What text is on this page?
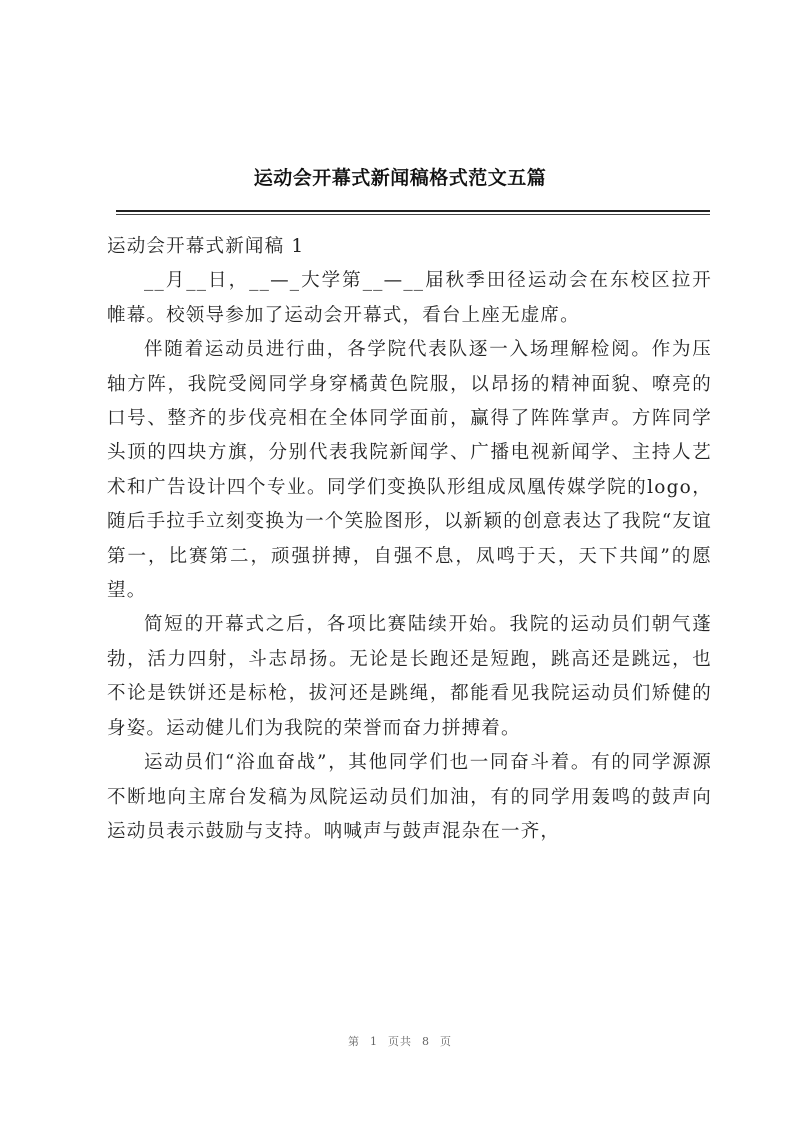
运动会开幕式新闻稿格式范文五篇

运动会开幕式新闻稿 1

__月__日，__—_大学第__—__届秋季田径运动会在东校区拉开帷幕。校领导参加了运动会开幕式，看台上座无虚席。

伴随着运动员进行曲，各学院代表队逐一入场理解检阅。作为压轴方阵，我院受阅同学身穿橘黄色院服，以昂扬的精神面貌、嘹亮的口号、整齐的步伐亮相在全体同学面前，赢得了阵阵掌声。方阵同学头顶的四块方旗，分别代表我院新闻学、广播电视新闻学、主持人艺术和广告设计四个专业。同学们变换队形组成凤凰传媒学院的logo，随后手拉手立刻变换为一个笑脸图形，以新颖的创意表达了我院“友谊第一，比赛第二，顽强拼搏，自强不息，凤鸣于天，天下共闻”的愿望。

简短的开幕式之后，各项比赛陆续开始。我院的运动员们朝气蓬勃，活力四射，斗志昂扬。无论是长跑还是短跑，跳高还是跳远，也不论是铁饼还是标枪，拔河还是跳绳，都能看见我院运动员们矫健的身姿。运动健儿们为我院的荣誉而奋力拼搏着。

运动员们“浴血奋战”，其他同学们也一同奋斗着。有的同学源源不断地向主席台发稿为凤院运动员们加油，有的同学用轰鸣的鼓声向运动员表示鼓励与支持。呐喊声与鼓声混杂在一齐，

第 1 页共 8 页
